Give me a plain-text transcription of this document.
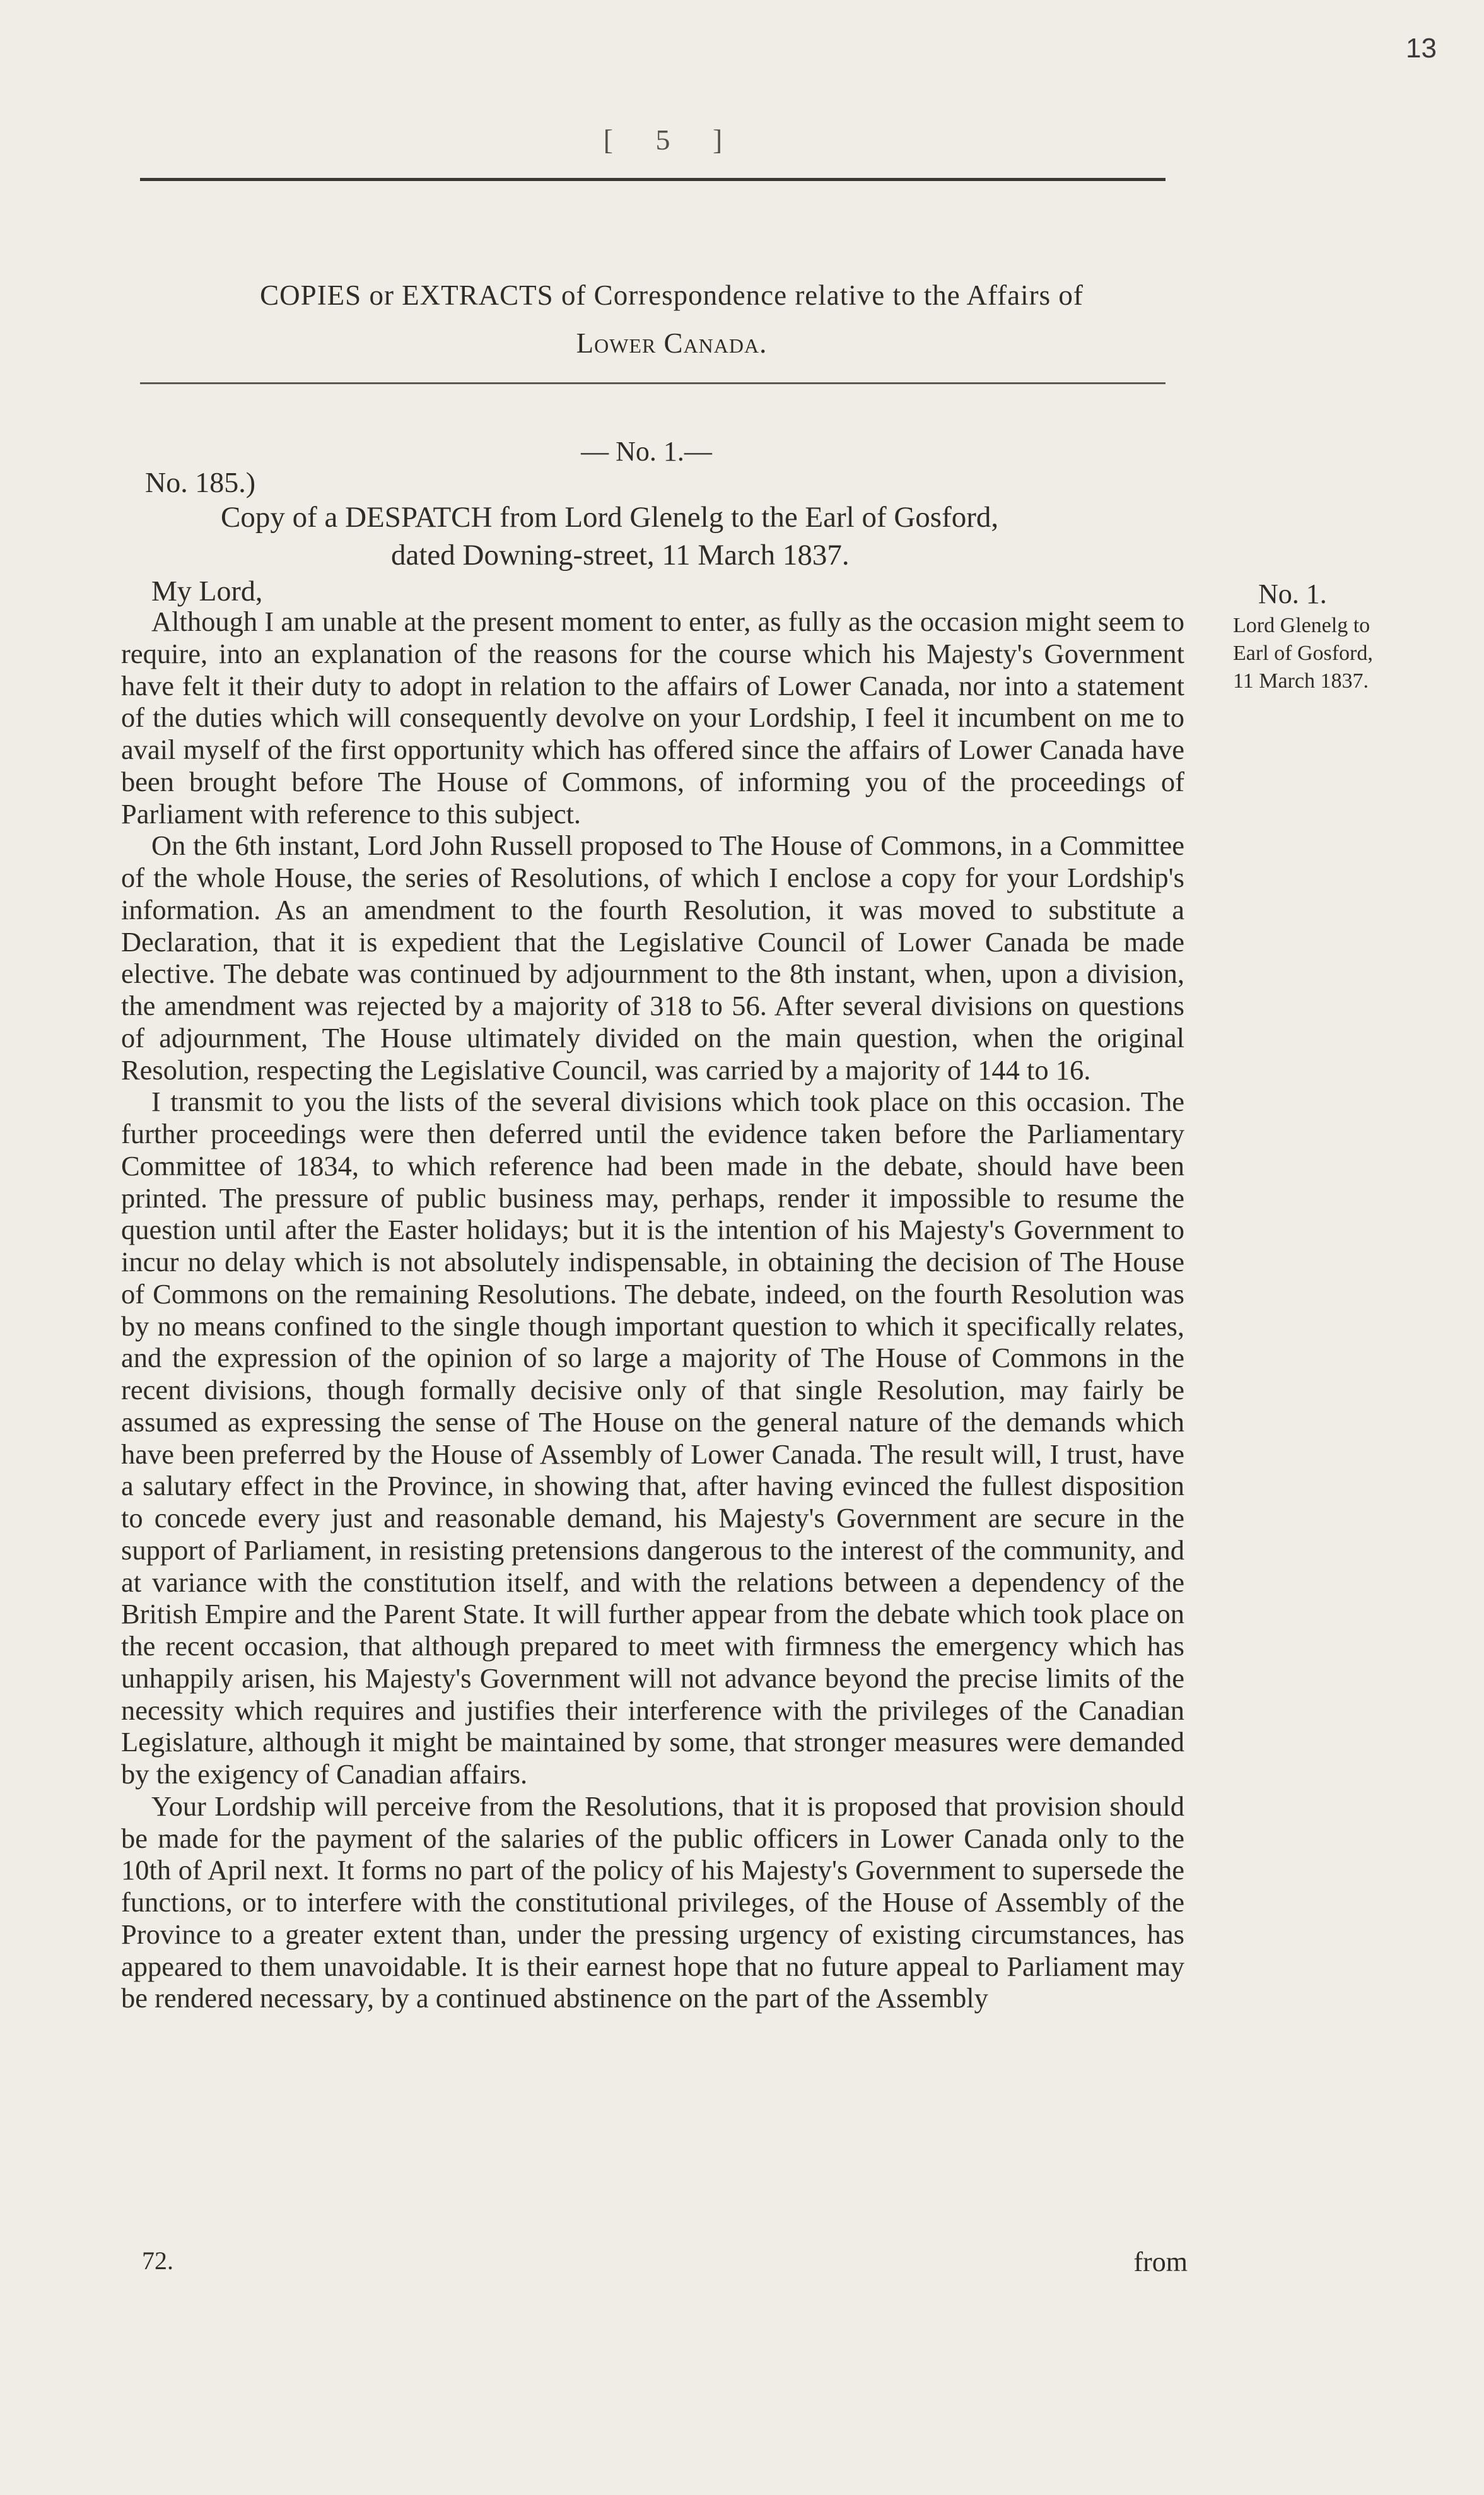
13
[ 5 ]
COPIES or EXTRACTS of Correspondence relative to the Affairs of
Lower Canada.
— No. 1.—
No. 185.)
Copy of a DESPATCH from Lord Glenelg to the Earl of Gosford,
dated Downing-street, 11 March 1837.
My Lord,	No. 1.
Lord Glenelg to
Earl of Gosford,
11 March 1837.

Although I am unable at the present moment to enter, as fully as the occasion might seem to require, into an explanation of the reasons for the course which his Majesty's Government have felt it their duty to adopt in relation to the affairs of Lower Canada, nor into a statement of the duties which will consequently devolve on your Lordship, I feel it incumbent on me to avail myself of the first opportunity which has offered since the affairs of Lower Canada have been brought before The House of Commons, of informing you of the proceedings of Parliament with reference to this subject.

On the 6th instant, Lord John Russell proposed to The House of Commons, in a Committee of the whole House, the series of Resolutions, of which I enclose a copy for your Lordship's information. As an amendment to the fourth Resolution, it was moved to substitute a Declaration, that it is expedient that the Legislative Council of Lower Canada be made elective. The debate was continued by adjournment to the 8th instant, when, upon a division, the amendment was rejected by a majority of 318 to 56. After several divisions on questions of adjournment, The House ultimately divided on the main question, when the original Resolution, respecting the Legislative Council, was carried by a majority of 144 to 16.

I transmit to you the lists of the several divisions which took place on this occasion. The further proceedings were then deferred until the evidence taken before the Parliamentary Committee of 1834, to which reference had been made in the debate, should have been printed. The pressure of public business may, perhaps, render it impossible to resume the question until after the Easter holidays; but it is the intention of his Majesty's Government to incur no delay which is not absolutely indispensable, in obtaining the decision of The House of Commons on the remaining Resolutions. The debate, indeed, on the fourth Resolution was by no means confined to the single though important question to which it specifically relates, and the expression of the opinion of so large a majority of The House of Commons in the recent divisions, though formally decisive only of that single Resolution, may fairly be assumed as expressing the sense of The House on the general nature of the demands which have been preferred by the House of Assembly of Lower Canada. The result will, I trust, have a salutary effect in the Province, in showing that, after having evinced the fullest disposition to concede every just and reasonable demand, his Majesty's Government are secure in the support of Parliament, in resisting pretensions dangerous to the interest of the community, and at variance with the constitution itself, and with the relations between a dependency of the British Empire and the Parent State. It will further appear from the debate which took place on the recent occasion, that although prepared to meet with firmness the emergency which has unhappily arisen, his Majesty's Government will not advance beyond the precise limits of the necessity which requires and justifies their interference with the privileges of the Canadian Legislature, although it might be maintained by some, that stronger measures were demanded by the exigency of Canadian affairs.

Your Lordship will perceive from the Resolutions, that it is proposed that provision should be made for the payment of the salaries of the public officers in Lower Canada only to the 10th of April next. It forms no part of the policy of his Majesty's Government to supersede the functions, or to interfere with the constitutional privileges, of the House of Assembly of the Province to a greater extent than, under the pressing urgency of existing circumstances, has appeared to them unavoidable. It is their earnest hope that no future appeal to Parliament may be rendered necessary, by a continued abstinence on the part of the Assembly

72.	from
